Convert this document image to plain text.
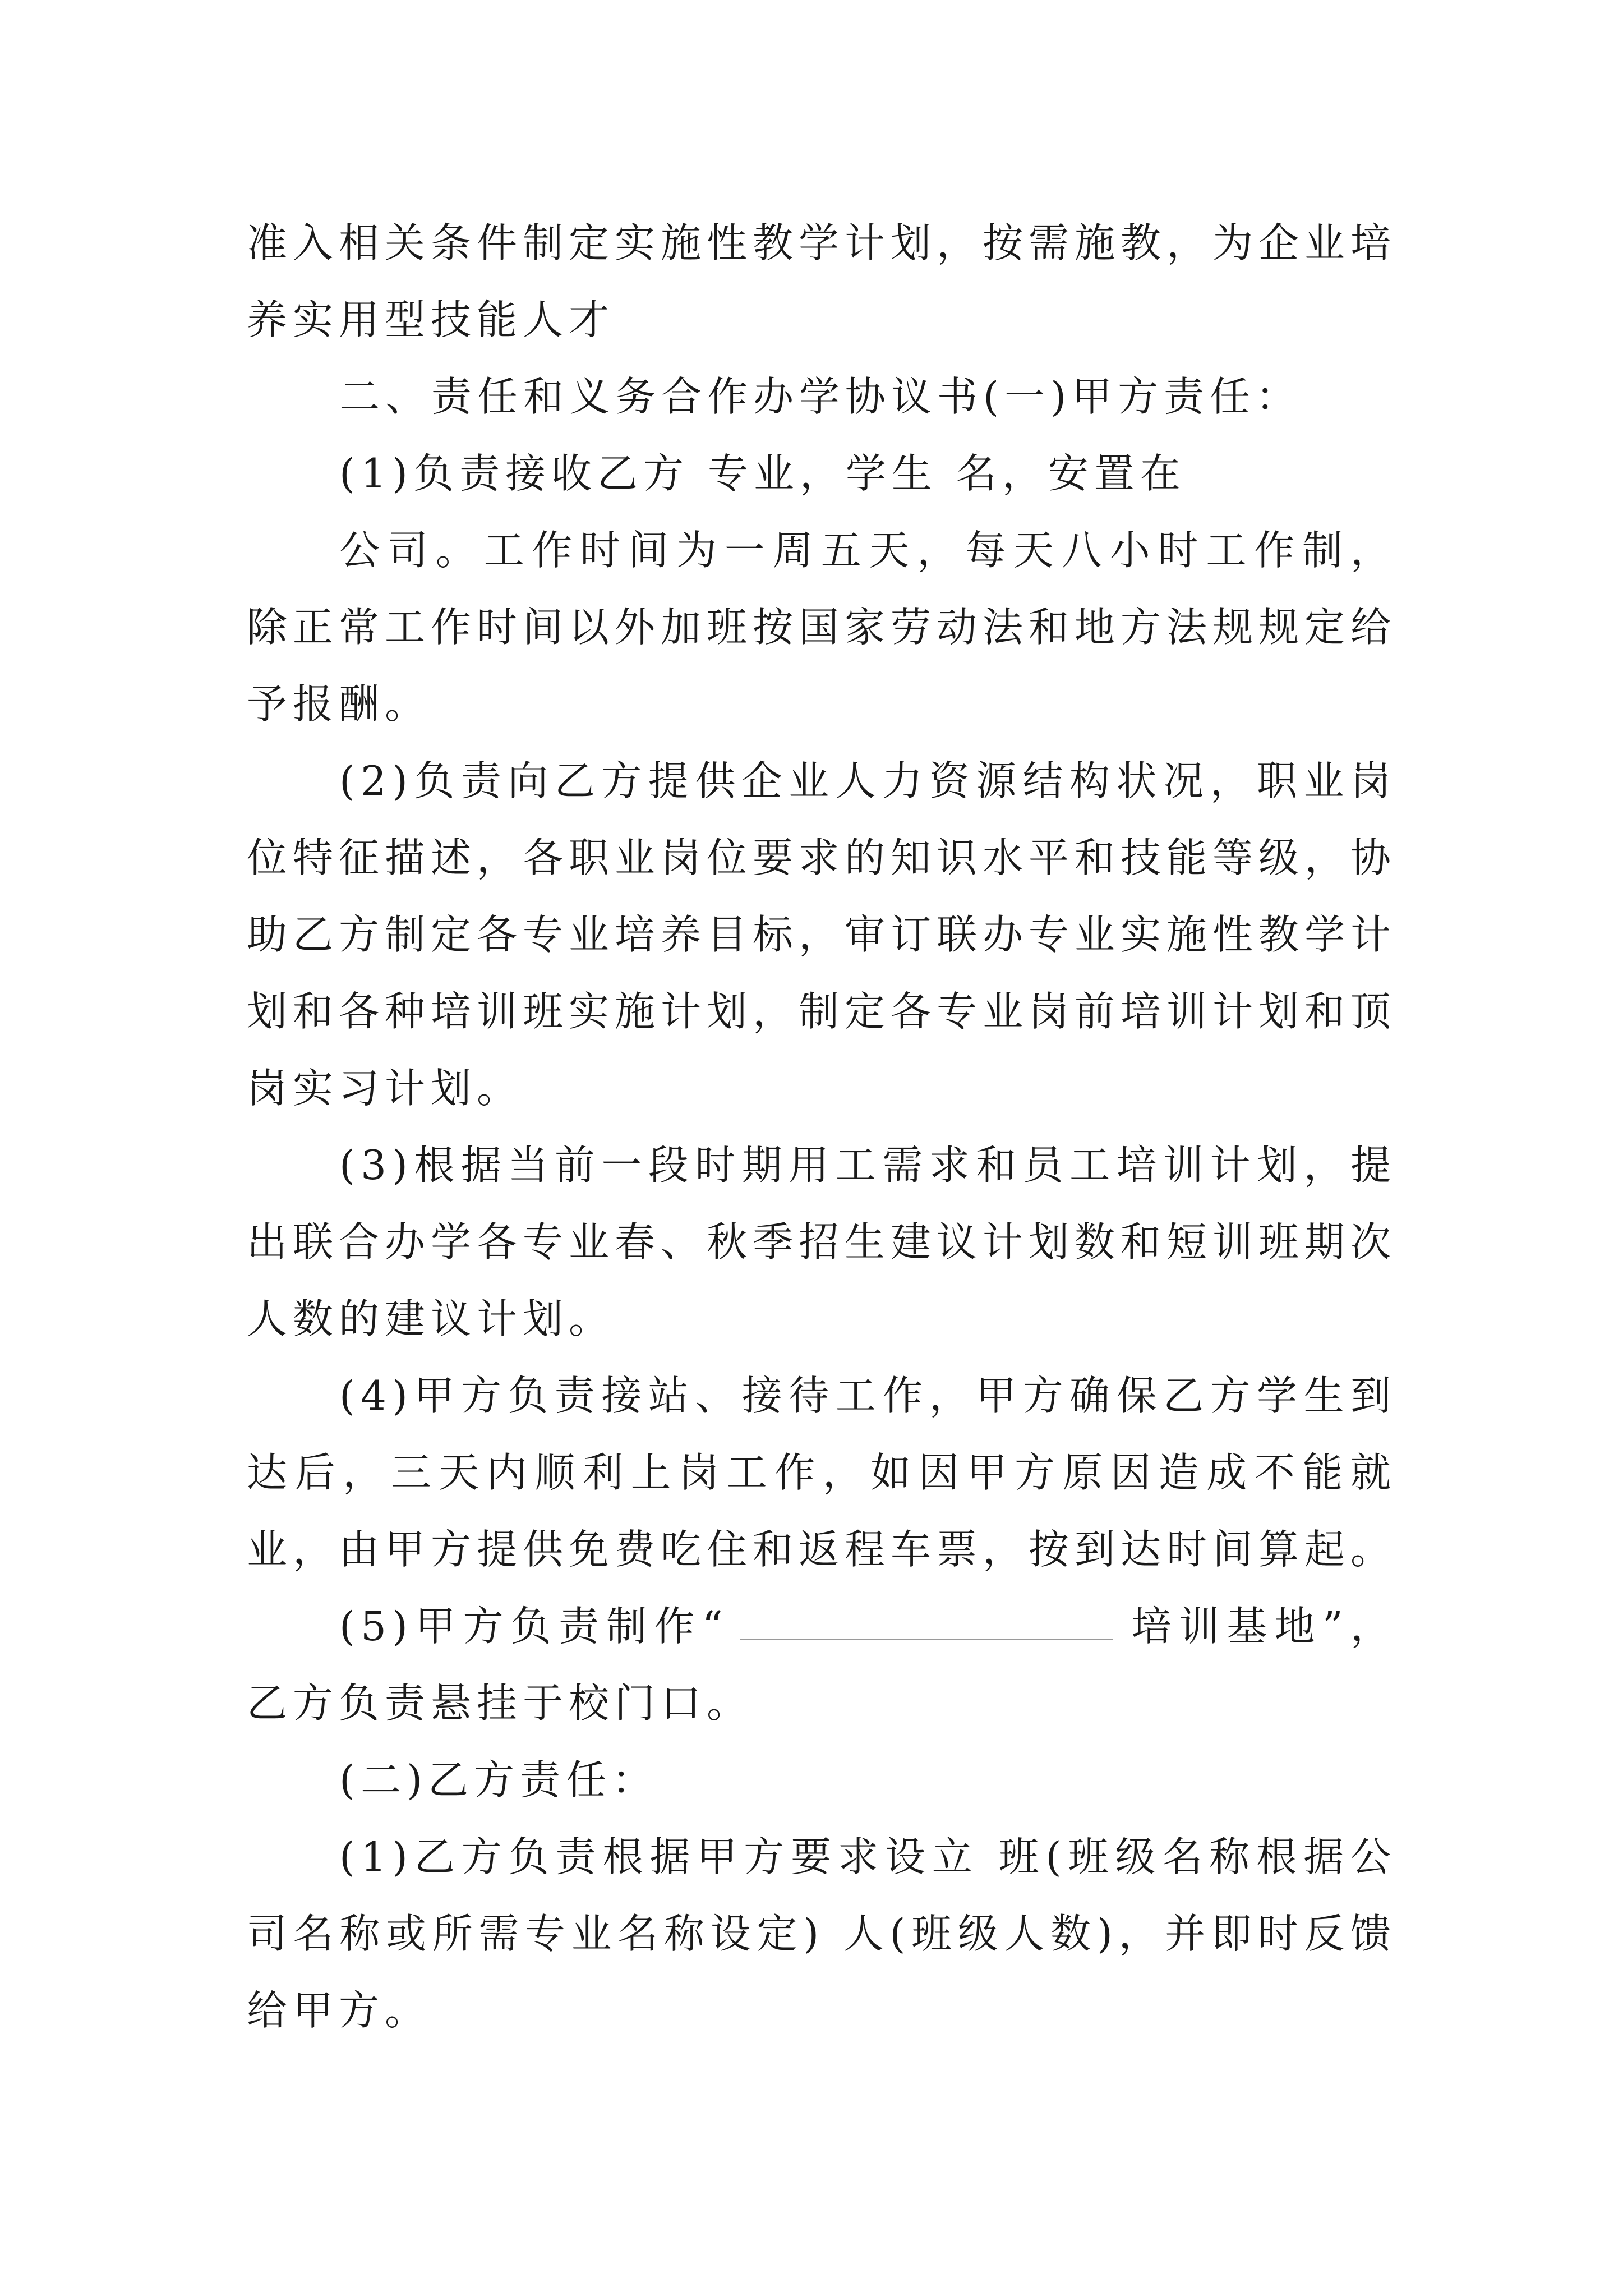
准入相关条件制定实施性教学计划，按需施教，为企业培养实用型技能人才

二、责任和义务合作办学协议书(一)甲方责任：

(1)负责接收乙方 专业，学生 名，安置在

公司。工作时间为一周五天，每天八小时工作制，除正常工作时间以外加班按国家劳动法和地方法规规定给予报酬。

(2)负责向乙方提供企业人力资源结构状况，职业岗位特征描述，各职业岗位要求的知识水平和技能等级，协助乙方制定各专业培养目标，审订联办专业实施性教学计划和各种培训班实施计划，制定各专业岗前培训计划和顶岗实习计划。

(3)根据当前一段时期用工需求和员工培训计划，提出联合办学各专业春、秋季招生建议计划数和短训班期次人数的建议计划。

(4)甲方负责接站、接待工作，甲方确保乙方学生到达后，三天内顺利上岗工作，如因甲方原因造成不能就业，由甲方提供免费吃住和返程车票，按到达时间算起。

(5)甲方负责制作“	培训基地”，乙方负责悬挂于校门口。

(二)乙方责任：

(1)乙方负责根据甲方要求设立 班(班级名称根据公司名称或所需专业名称设定) 人(班级人数)，并即时反馈给甲方。
